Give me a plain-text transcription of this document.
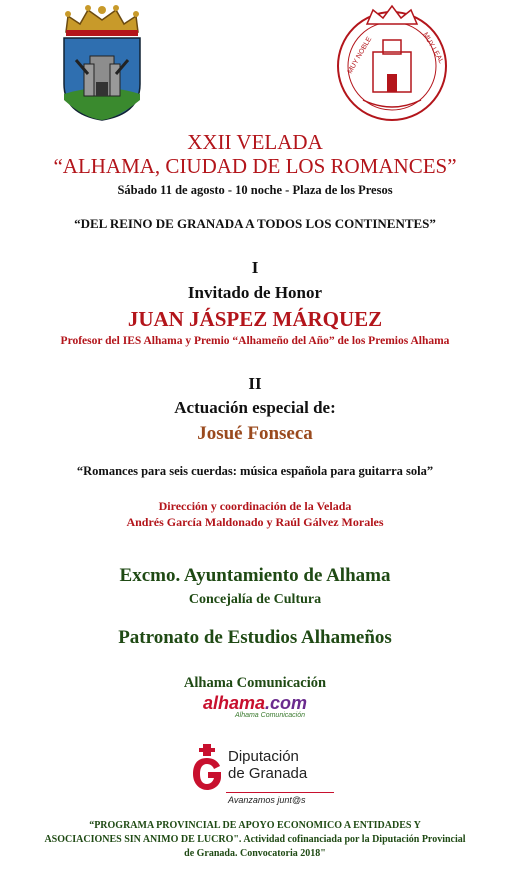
MUY NOBLE	MUY LEAL
XXII VELADA
“ALHAMA, CIUDAD DE LOS ROMANCES”
Sábado 11 de agosto - 10 noche - Plaza de los Presos
“DEL REINO DE GRANADA A TODOS LOS CONTINENTES”
I
Invitado de Honor
JUAN JÁSPEZ MÁRQUEZ
Profesor del IES Alhama y Premio “Alhameño del Año” de los Premios Alhama
II
Actuación especial de:
Josué Fonseca
“Romances para seis cuerdas: música española para guitarra sola”
Dirección y coordinación de la Velada
Andrés García Maldonado y Raúl Gálvez Morales
Excmo. Ayuntamiento de Alhama
Concejalía de Cultura
Patronato de Estudios Alhameños
Alhama Comunicación
alhama.com
Alhama Comunicación
Diputación
de Granada
Avanzamos junt@s
“PROGRAMA PROVINCIAL DE APOYO ECONOMICO A ENTIDADES Y
ASOCIACIONES SIN ANIMO DE LUCRO". Actividad cofinanciada por la Diputación Provincial
de Granada. Convocatoria 2018"
